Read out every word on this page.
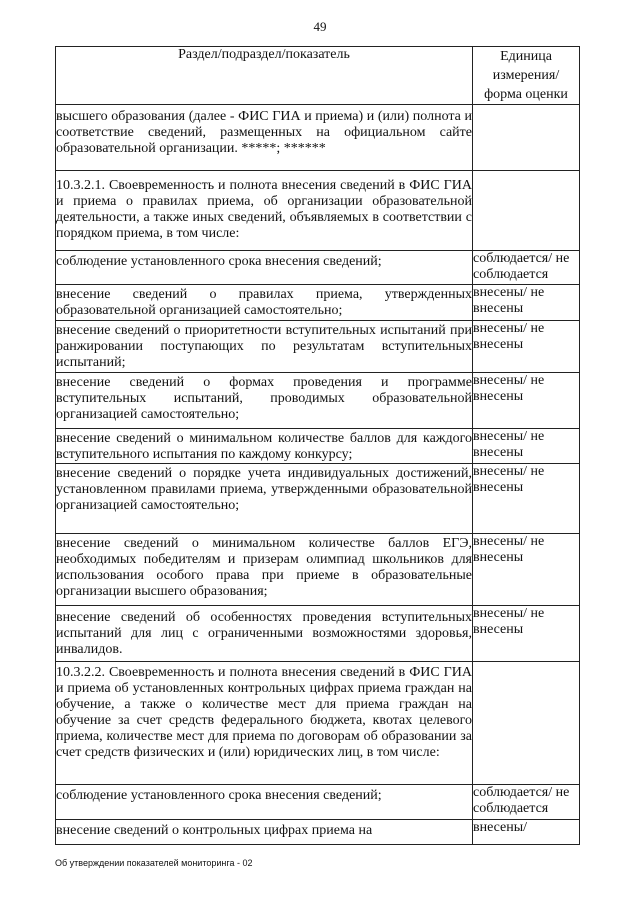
49
Раздел/подраздел/показатель	Единица измерения/ форма оценки
высшего образования (далее - ФИС ГИА и приема) и (или) полнота и соответствие сведений, размещенных на официальном сайте образовательной организации. *****; ******	
10.3.2.1. Своевременность и полнота внесения сведений в ФИС ГИА и приема о правилах приема, об организации образовательной деятельности, а также иных сведений, объявляемых в соответствии с порядком приема, в том числе:	
соблюдение установленного срока внесения сведений;	соблюдается/ не соблюдается
внесение сведений о правилах приема, утвержденных образовательной организацией самостоятельно;	внесены/ не внесены
внесение сведений о приоритетности вступительных испытаний при ранжировании поступающих по результатам вступительных испытаний;	внесены/ не внесены
внесение сведений о формах проведения и программе вступительных испытаний, проводимых образовательной организацией самостоятельно;	внесены/ не внесены
внесение сведений о минимальном количестве баллов для каждого вступительного испытания по каждому конкурсу;	внесены/ не внесены
внесение сведений о порядке учета индивидуальных достижений, установленном правилами приема, утвержденными образовательной организацией самостоятельно;	внесены/ не внесены
внесение сведений о минимальном количестве баллов ЕГЭ, необходимых победителям и призерам олимпиад школьников для использования особого права при приеме в образовательные организации высшего образования;	внесены/ не внесены
внесение сведений об особенностях проведения вступительных испытаний для лиц с ограниченными возможностями здоровья, инвалидов.	внесены/ не внесены
10.3.2.2. Своевременность и полнота внесения сведений в ФИС ГИА и приема об установленных контрольных цифрах приема граждан на обучение, а также о количестве мест для приема граждан на обучение за счет средств федерального бюджета, квотах целевого приема, количестве мест для приема по договорам об образовании за счет средств физических и (или) юридических лиц, в том числе:	
соблюдение установленного срока внесения сведений;	соблюдается/ не соблюдается
внесение сведений о контрольных цифрах приема на	внесены/
Об утверждении показателей мониторинга - 02
